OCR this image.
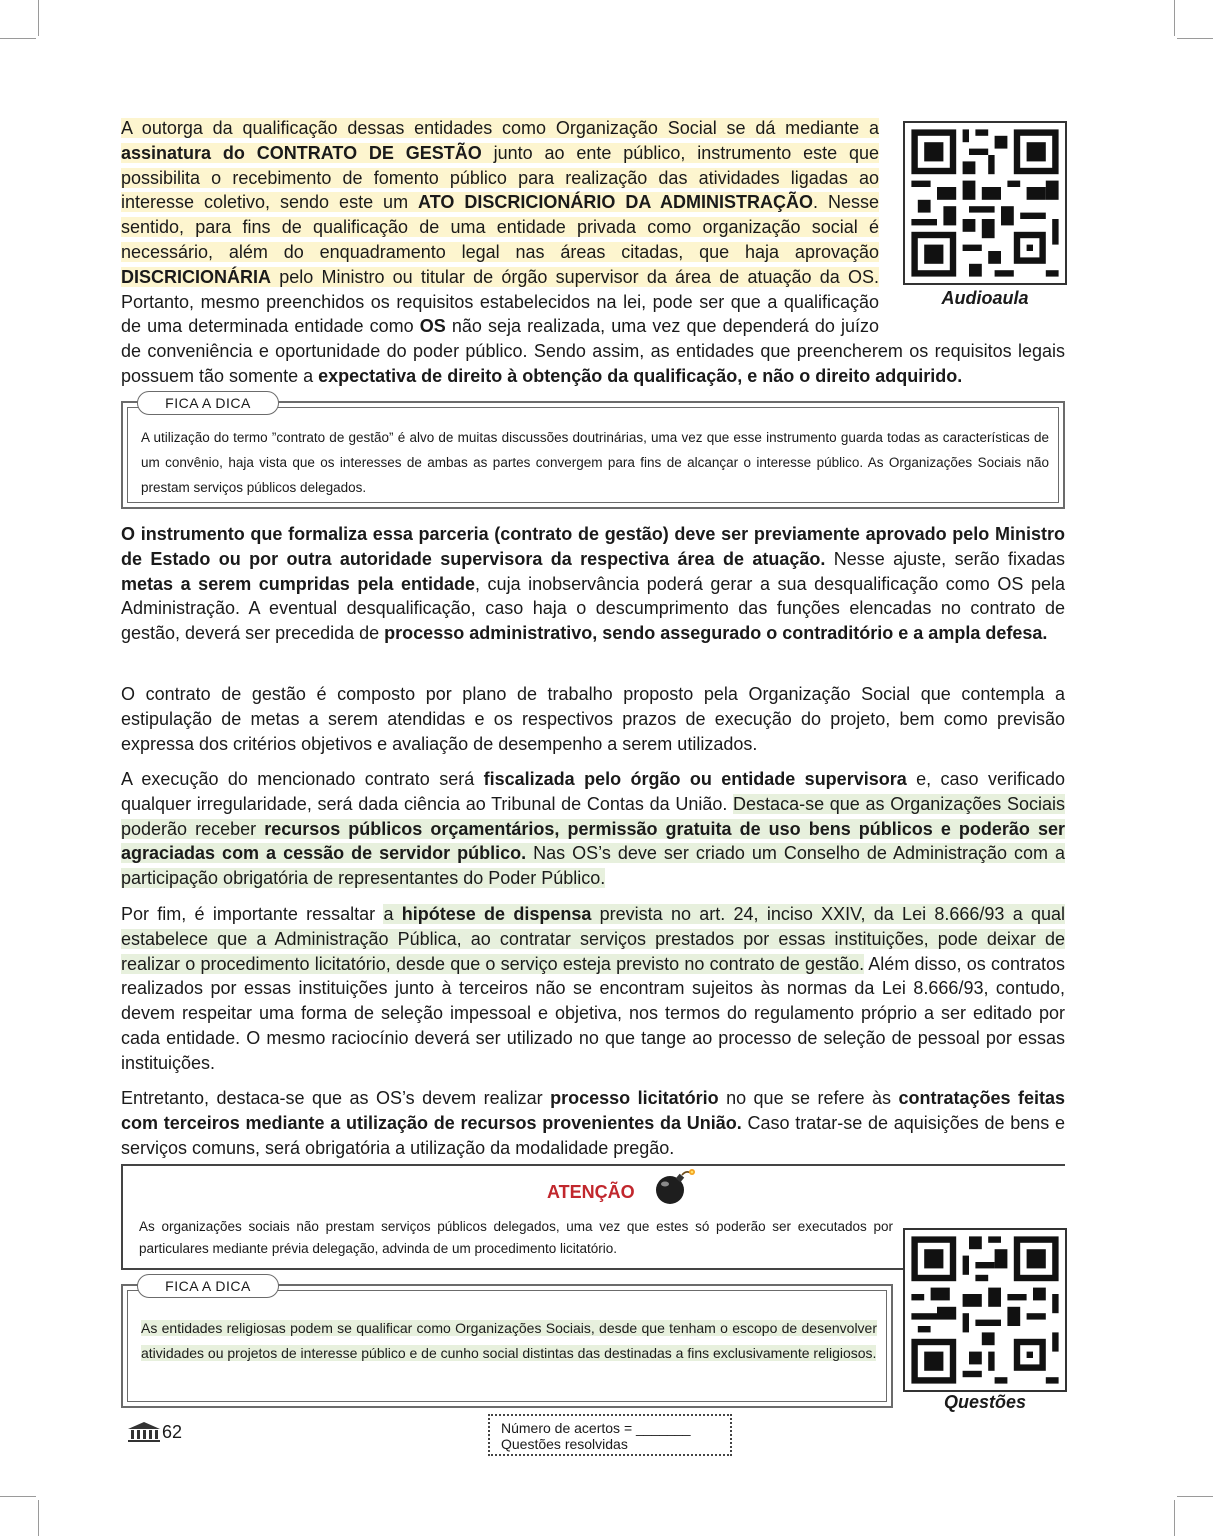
A outorga da qualificação dessas entidades como Organização Social se dá mediante a assinatura do CONTRATO DE GESTÃO junto ao ente público, instrumento este que possibilita o recebimento de fomento público para realização das atividades ligadas ao interesse coletivo, sendo este um ATO DISCRICIONÁRIO DA ADMINISTRAÇÃO. Nesse sentido, para fins de qualificação de uma entidade privada como organização social é necessário, além do enquadramento legal nas áreas citadas, que haja aprovação DISCRICIONÁRIA pelo Ministro ou titular de órgão supervisor da área de atuação da OS. Portanto, mesmo preenchidos os requisitos estabelecidos na lei, pode ser que a qualificação de uma determinada entidade como OS não seja realizada, uma vez que dependerá do juízo de conveniência e oportunidade do poder público. Sendo assim, as entidades que preencherem os requisitos legais possuem tão somente a expectativa de direito à obtenção da qualificação, e não o direito adquirido.

Audioaula
FICA A DICA

A utilização do termo ”contrato de gestão” é alvo de muitas discussões doutrinárias, uma vez que esse instrumento guarda todas as características de um convênio, haja vista que os interesses de ambas as partes convergem para fins de alcançar o interesse público. As Organizações Sociais não prestam serviços públicos delegados.

O instrumento que formaliza essa parceria (contrato de gestão) deve ser previamente aprovado pelo Ministro de Estado ou por outra autoridade supervisora da respectiva área de atuação. Nesse ajuste, serão fixadas metas a serem cumpridas pela entidade, cuja inobservância poderá gerar a sua desqualificação como OS pela Administração. A eventual desqualificação, caso haja o descumprimento das funções elencadas no contrato de gestão, deverá ser precedida de processo administrativo, sendo assegurado o contraditório e a ampla defesa.

O contrato de gestão é composto por plano de trabalho proposto pela Organização Social que contempla a estipulação de metas a serem atendidas e os respectivos prazos de execução do projeto, bem como previsão expressa dos critérios objetivos e avaliação de desempenho a serem utilizados.

A execução do mencionado contrato será fiscalizada pelo órgão ou entidade supervisora e, caso verificado qualquer irregularidade, será dada ciência ao Tribunal de Contas da União. Destaca-se que as Organizações Sociais poderão receber recursos públicos orçamentários, permissão gratuita de uso bens públicos e poderão ser agraciadas com a cessão de servidor público. Nas OS’s deve ser criado um Conselho de Administração com a participação obrigatória de representantes do Poder Público.

Por fim, é importante ressaltar a hipótese de dispensa prevista no art. 24, inciso XXIV, da Lei 8.666/93 a qual estabelece que a Administração Pública, ao contratar serviços prestados por essas instituições, pode deixar de realizar o procedimento licitatório, desde que o serviço esteja previsto no contrato de gestão. Além disso, os contratos realizados por essas instituições junto à terceiros não se encontram sujeitos às normas da Lei 8.666/93, contudo, devem respeitar uma forma de seleção impessoal e objetiva, nos termos do regulamento próprio a ser editado por cada entidade. O mesmo raciocínio deverá ser utilizado no que tange ao processo de seleção de pessoal por essas instituições.

Entretanto, destaca-se que as OS’s devem realizar processo licitatório no que se refere às contratações feitas com terceiros mediante a utilização de recursos provenientes da União. Caso tratar-se de aquisições de bens e serviços comuns, será obrigatória a utilização da modalidade pregão.

ATENÇÃO

As organizações sociais não prestam serviços públicos delegados, uma vez que estes só poderão ser executados por particulares mediante prévia delegação, advinda de um procedimento licitatório.

Questões
FICA A DICA

As entidades religiosas podem se qualificar como Organizações Sociais, desde que tenham o escopo de desenvolver atividades ou projetos de interesse público e de cunho social distintas das destinadas a fins exclusivamente religiosos.

62	Número de acertos = _______
Questões resolvidas
